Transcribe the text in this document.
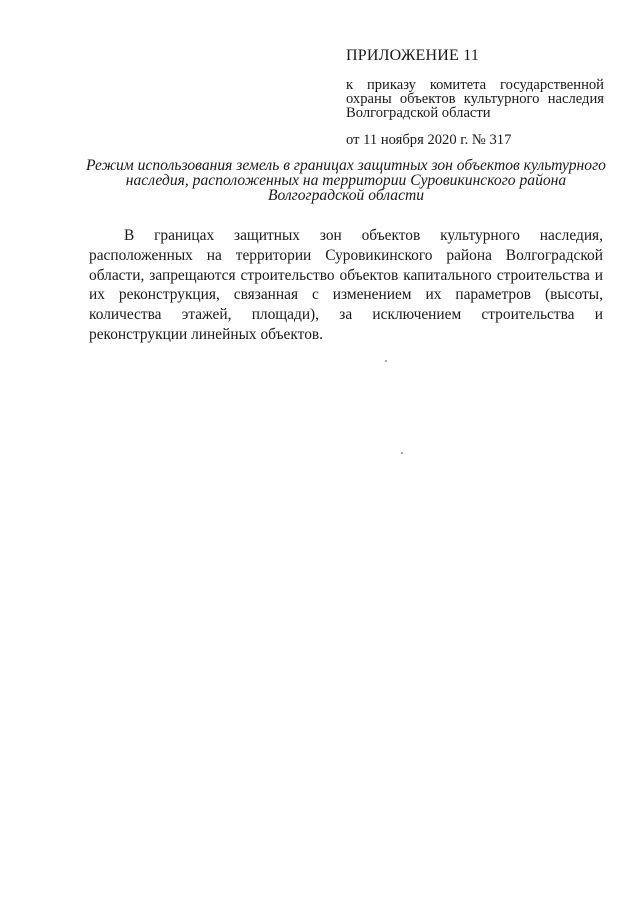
ПРИЛОЖЕНИЕ 11

к приказу комитета государственной охраны объектов культурного наследия Волгоградской области

от 11 ноября 2020 г. № 317

Режим использования земель в границах защитных зон объектов культурного наследия, расположенных на территории Суровикинского района Волгоградской области

В границах защитных зон объектов культурного наследия, расположенных на территории Суровикинского района Волгоградской области, запрещаются строительство объектов капитального строительства и их реконструкция, связанная с изменением их параметров (высоты, количества этажей, площади), за исключением строительства и реконструкции линейных объектов.
